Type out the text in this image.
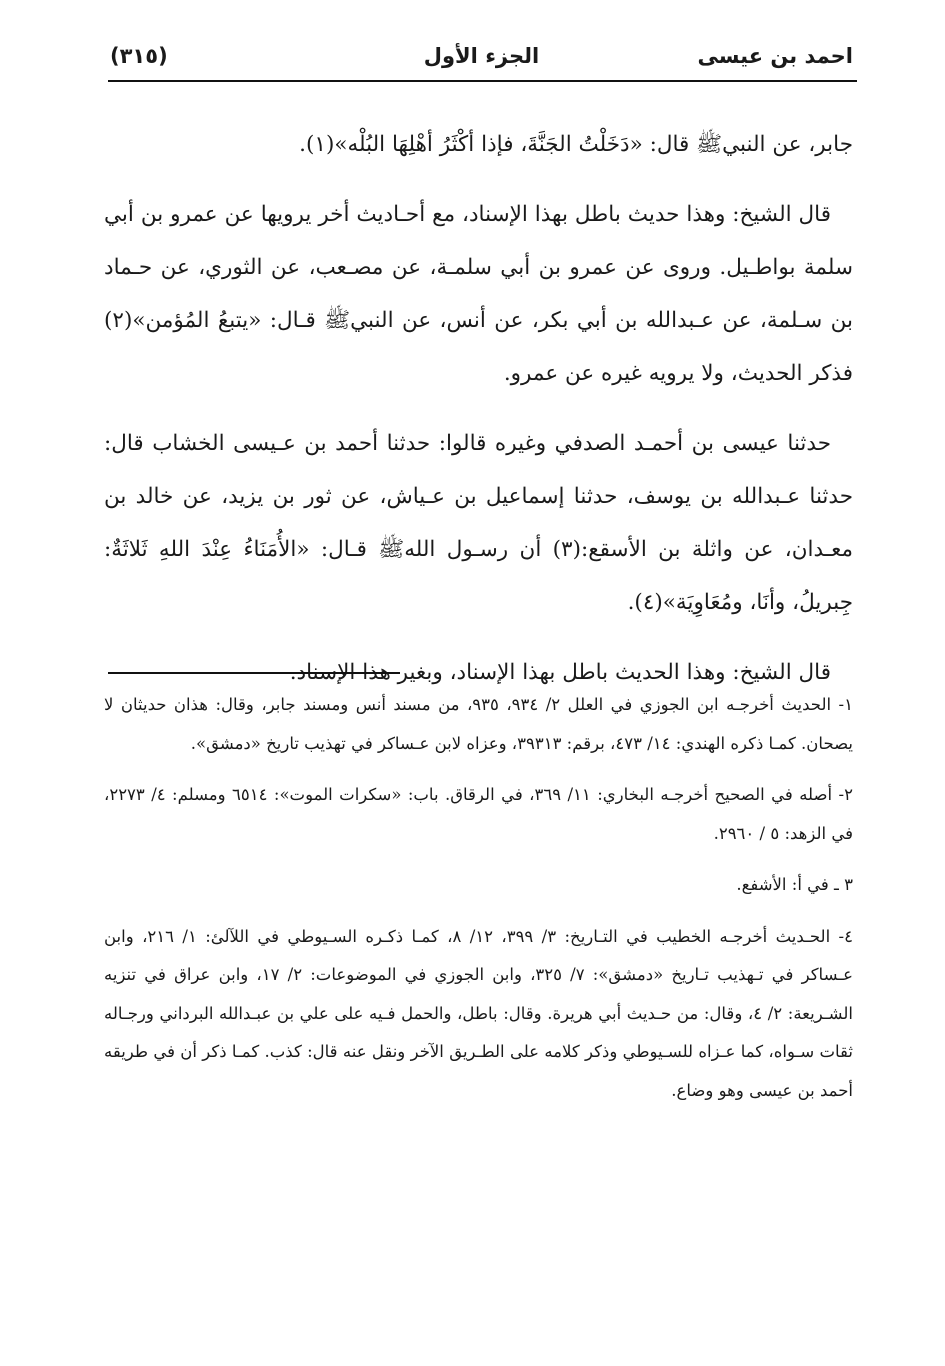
احمد بن عيسى
الجزء الأول
(٣١٥)

جابر، عن النبيﷺ قال: «دَخَلْتُ الجَنَّةَ، فإذا أكْثَرُ أهْلِهَا البُلْه»(١).

قال الشيخ: وهذا حديث باطل بهذا الإسناد، مع أحـاديث أخر يرويها عن عمرو بن أبي سلمة بواطـيل. وروى عن عمرو بن أبي سلمـة، عن مصـعب، عن الثوري، عن حـماد بن سـلمة، عن عـبدالله بن أبي بكر، عن أنس، عن النبيﷺ قـال: «يتبعُ المُؤمن»(٢) فذكر الحديث، ولا يرويه غيره عن عمرو.

حدثنا عيسى بن أحمـد الصدفي وغيره قالوا: حدثنا أحمد بن عـيسى الخشاب قال: حدثنا عـبدالله بن يوسف، حدثنا إسماعيل بن عـياش، عن ثور بن يزيد، عن خالد بن معـدان، عن واثلة بن الأسقع:(٣) أن رسـول اللهﷺ قـال: «الأُمَنَاءُ عِنْدَ اللهِ ثَلاثَةٌ: جِبريلُ، وأنَا، ومُعَاوِيَة»(٤).

قال الشيخ: وهذا الحديث باطل بهذا الإسناد، وبغير هذا الإسناد.

١- الحديث أخرجـه ابن الجوزي في العلل ٢/ ٩٣٤، ٩٣٥، من مسند أنس ومسند جابر، وقال: هذان حديثان لا يصحان. كمـا ذكره الهندي: ١٤/ ٤٧٣، برقم: ٣٩٣١٣، وعزاه لابن عـساكر في تهذيب تاريخ «دمشق».

٢- أصله في الصحيح أخرجـه البخاري: ١١/ ٣٦٩، في الرقاق. باب: «سكرات الموت»: ٦٥١٤ ومسلم: ٤/ ٢٢٧٣، في الزهد: ٥ / ٢٩٦٠.

٣ ـ في أ: الأشفع.

٤- الحـديث أخرجـه الخطيب في التـاريخ: ٣/ ٣٩٩، ١٢/ ٨، كمـا ذكـره السـيوطي في اللآلئ: ١/ ٢١٦، وابن عـساكر في تـهذيب تـاريخ «دمشق»: ٧/ ٣٢٥، وابن الجوزي في الموضوعات: ٢/ ١٧، وابن عراق في تنزيه الشـريعة: ٢/ ٤، وقال: من حـديث أبي هريرة. وقال: باطل، والحمل فـيه على علي بن عبـدالله البرداني ورجـاله ثقات سـواه، كما عـزاه للسـيوطي وذكر كلامه على الطـريق الآخر ونقل عنه قال: كذب. كمـا ذكر أن في طريقه أحمد بن عيسى وهو وضاع.
